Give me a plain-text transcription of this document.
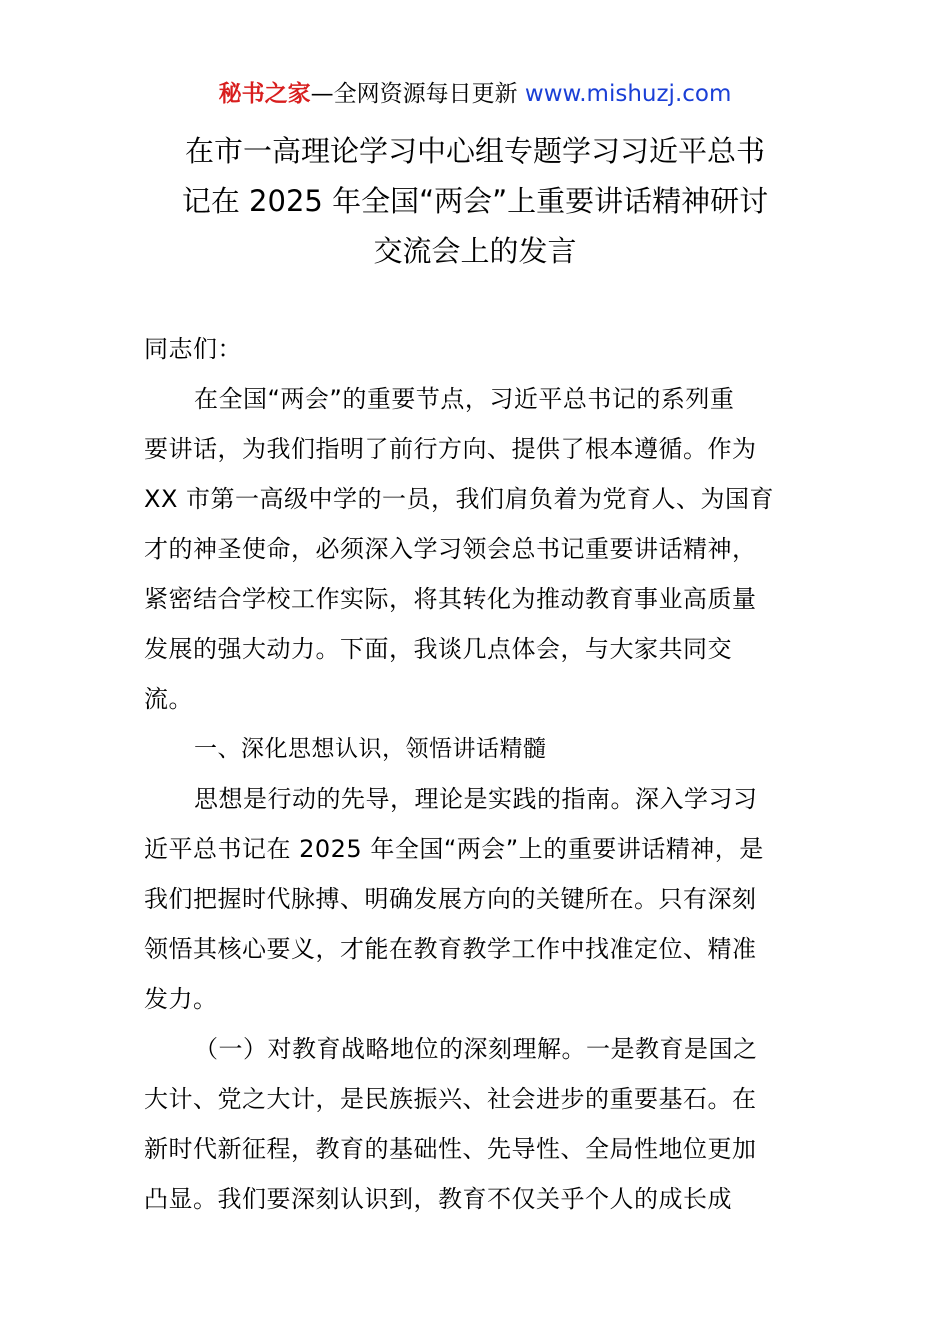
秘书之家—全网资源每日更新 www.mishuzj.com
在市一高理论学习中心组专题学习习近平总书
记在 2025 年全国“两会”上重要讲话精神研讨
交流会上的发言
同志们：
在全国“两会”的重要节点，习近平总书记的系列重
要讲话，为我们指明了前行方向、提供了根本遵循。作为
XX 市第一高级中学的一员，我们肩负着为党育人、为国育
才的神圣使命，必须深入学习领会总书记重要讲话精神，
紧密结合学校工作实际，将其转化为推动教育事业高质量
发展的强大动力。下面，我谈几点体会，与大家共同交
流。
一、深化思想认识，领悟讲话精髓
思想是行动的先导，理论是实践的指南。深入学习习
近平总书记在 2025 年全国“两会”上的重要讲话精神，是
我们把握时代脉搏、明确发展方向的关键所在。只有深刻
领悟其核心要义，才能在教育教学工作中找准定位、精准
发力。
（一）对教育战略地位的深刻理解。一是教育是国之
大计、党之大计，是民族振兴、社会进步的重要基石。在
新时代新征程，教育的基础性、先导性、全局性地位更加
凸显。我们要深刻认识到，教育不仅关乎个人的成长成
